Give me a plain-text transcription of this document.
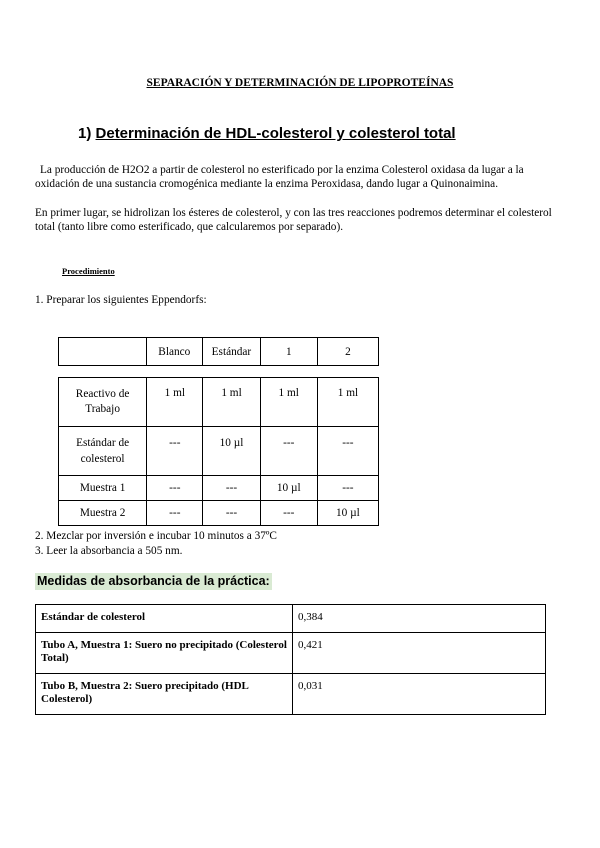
SEPARACIÓN Y DETERMINACIÓN DE LIPOPROTEÍNAS
1) Determinación de HDL-colesterol y colesterol total
La producción de H2O2 a partir de colesterol no esterificado por la enzima Colesterol oxidasa da lugar a la oxidación de una sustancia cromogénica mediante la enzima Peroxidasa, dando lugar a Quinonaimina.
En primer lugar, se hidrolizan los ésteres de colesterol, y con las tres reacciones podremos determinar el colesterol total (tanto libre como esterificado, que calcularemos por separado).
Procedimiento
1. Preparar los siguientes Eppendorfs:
	Blanco	Estándar	1	2
Reactivo de Trabajo	1 ml	1 ml	1 ml	1 ml
Estándar de colesterol	---	10 µl	---	---
Muestra 1	---	---	10 µl	---
Muestra 2	---	---	---	10 µl
2. Mezclar por inversión e incubar 10 minutos a 37ºC
3. Leer la absorbancia a 505 nm.
Medidas de absorbancia de la práctica:
Estándar de colesterol	0,384
Tubo A, Muestra 1: Suero no precipitado (Colesterol Total)	0,421
Tubo B, Muestra 2: Suero precipitado (HDL Colesterol)	0,031
